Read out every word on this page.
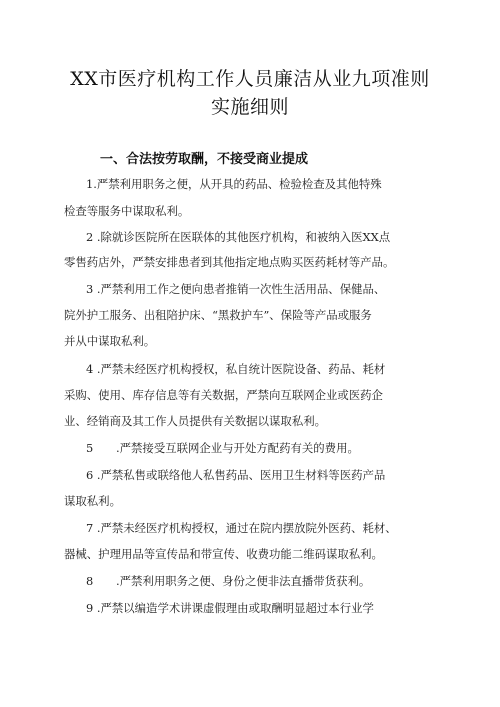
XX市医疗机构工作人员廉洁从业九项准则
实施细则
一、合法按劳取酬，不接受商业提成
1.严禁利用职务之便，从开具的药品、检验检查及其他特殊
检查等服务中谋取私利。
2 .除就诊医院所在医联体的其他医疗机构，和被纳入医XX点
零售药店外，严禁安排患者到其他指定地点购买医药耗材等产品。
3 .严禁利用工作之便向患者推销一次性生活用品、保健品、
院外护工服务、出租陪护床、“黑救护车”、保险等产品或服务
并从中谋取私利。
4 .严禁未经医疗机构授权，私自统计医院设备、药品、耗材
采购、使用、库存信息等有关数据，严禁向互联网企业或医药企
业、经销商及其工作人员提供有关数据以谋取私利。
5　　.严禁接受互联网企业与开处方配药有关的费用。
6 .严禁私售或联络他人私售药品、医用卫生材料等医药产品
谋取私利。
7 .严禁未经医疗机构授权，通过在院内摆放院外医药、耗材、
器械、护理用品等宣传品和带宣传、收费功能二维码谋取私利。
8　　.严禁利用职务之便、身份之便非法直播带货获利。
9 .严禁以编造学术讲课虚假理由或取酬明显超过本行业学
